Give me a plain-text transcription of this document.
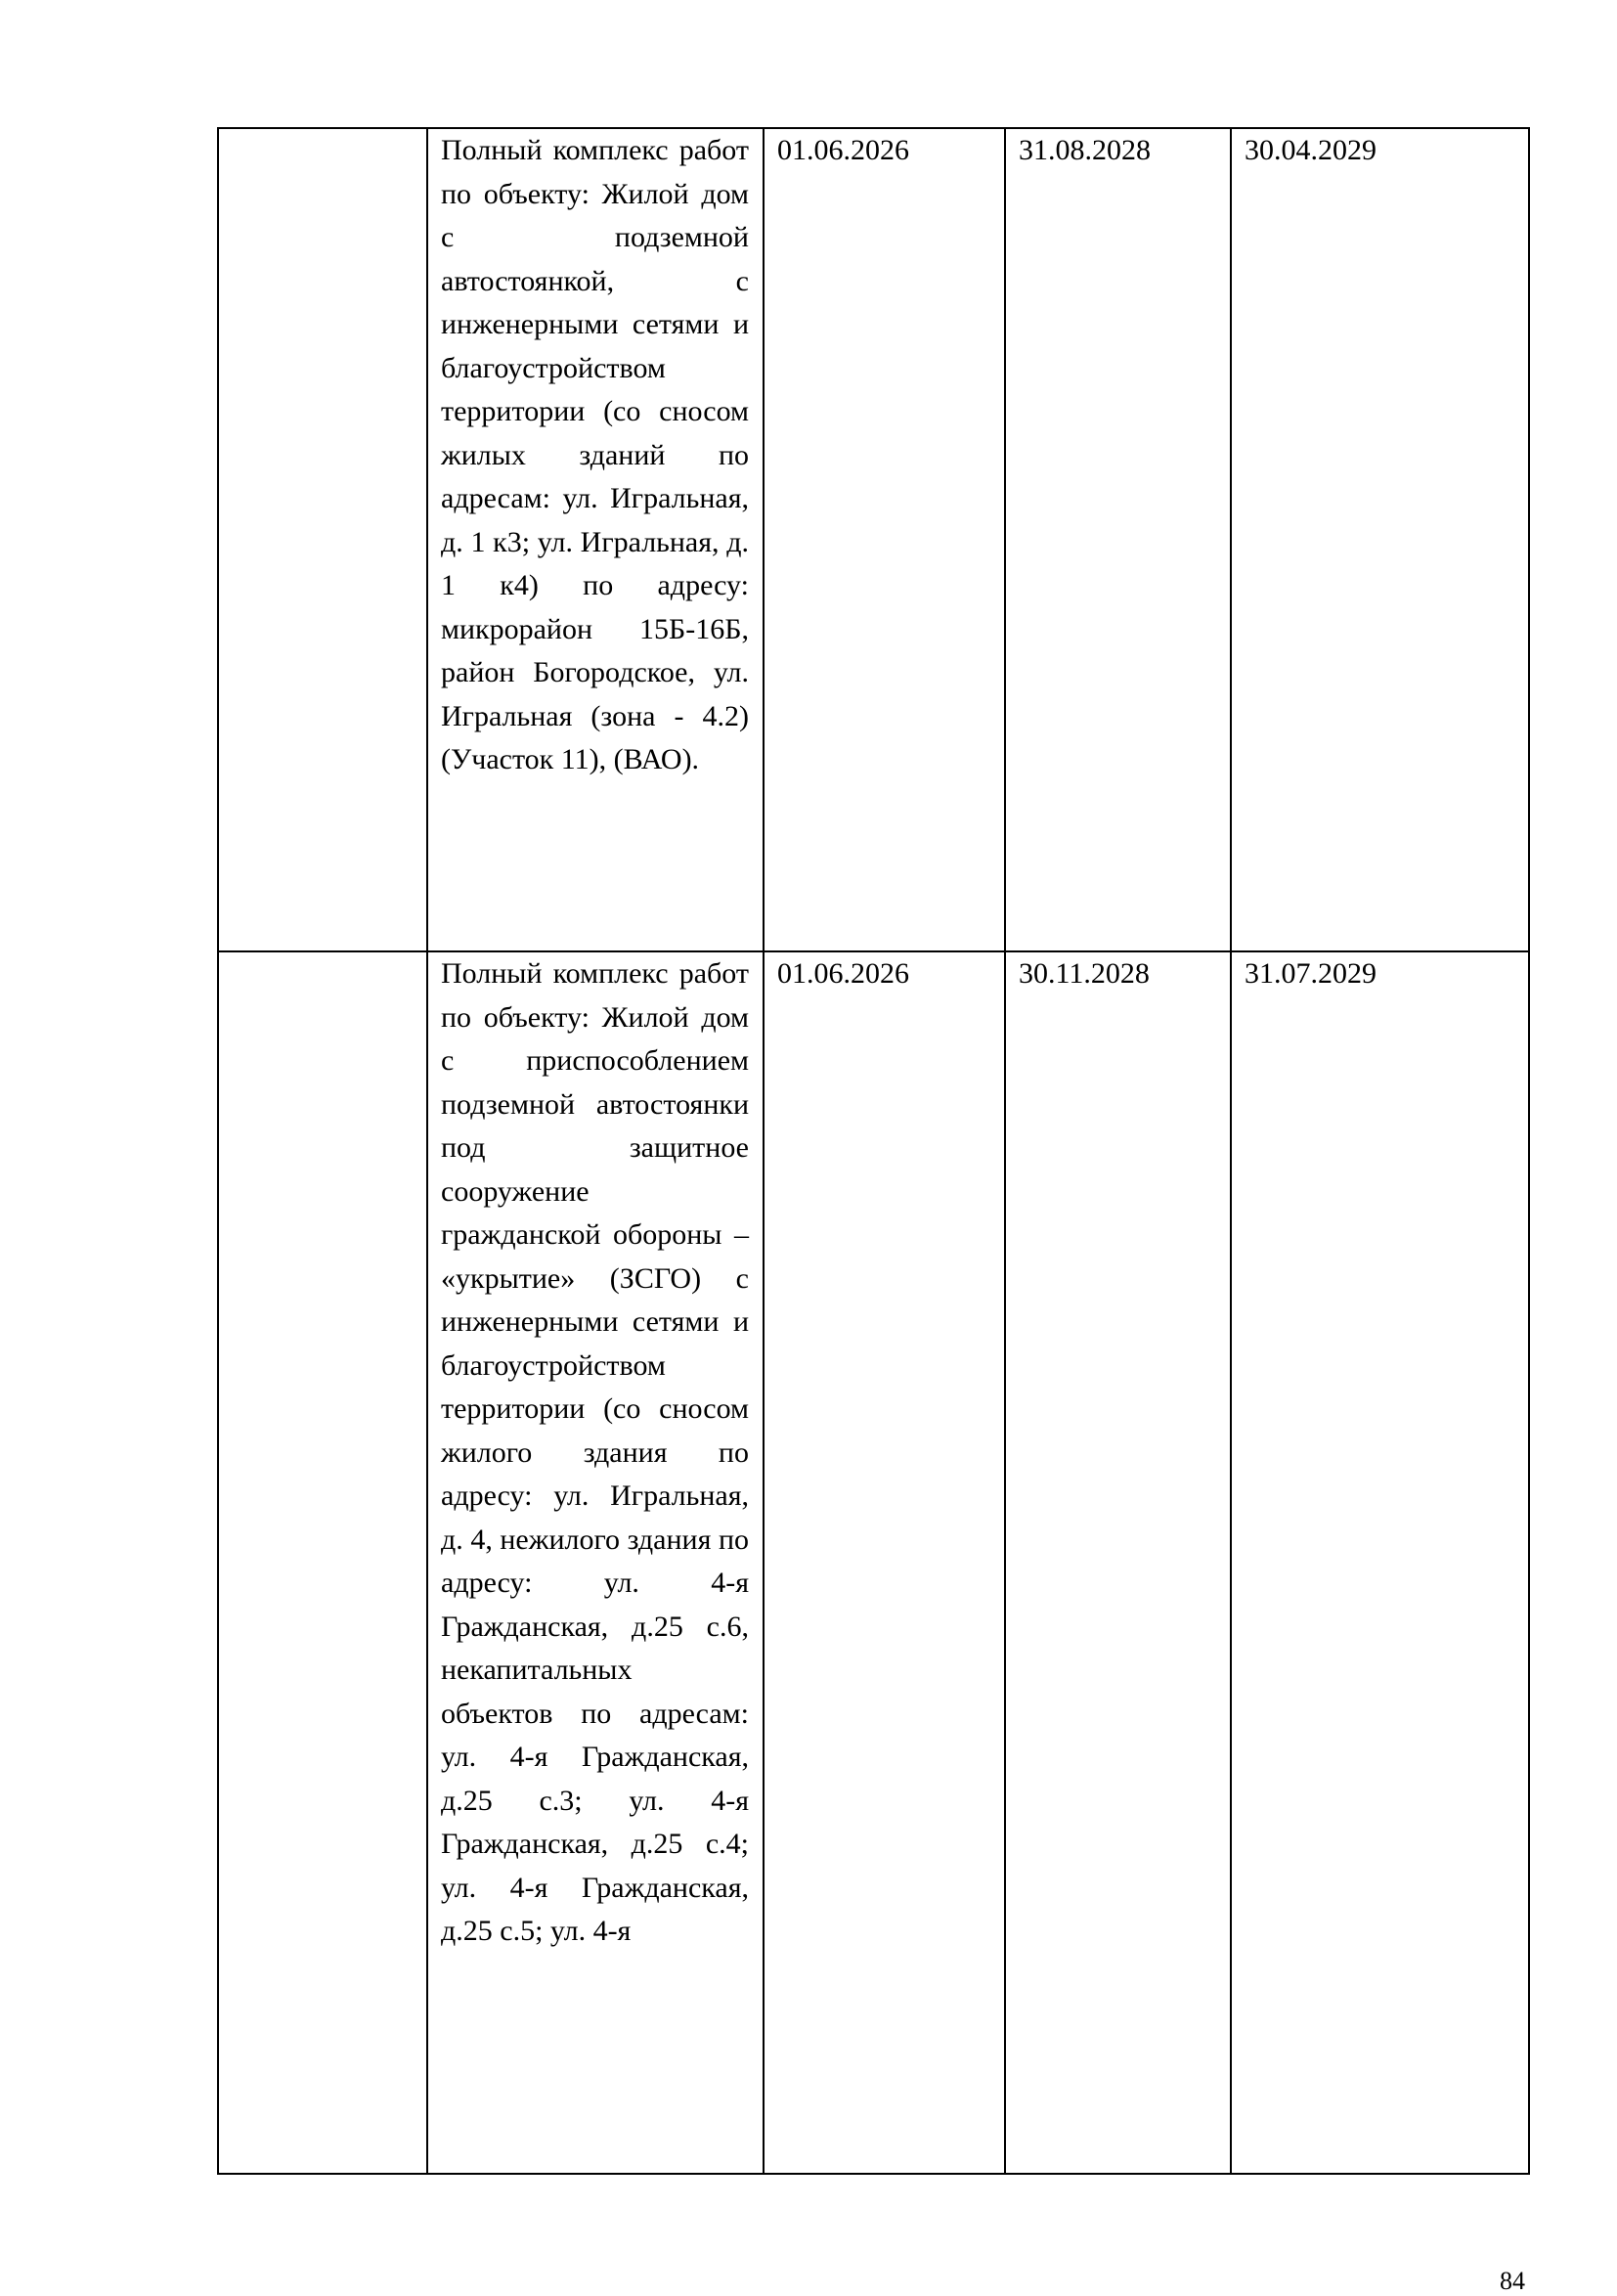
	Полный комплекс работ по объекту: Жилой дом с подземной автостоянкой, с инженерными сетями и благоустройством территории (со сносом жилых зданий по адресам: ул. Игральная, д. 1 к3; ул. Игральная, д. 1 к4) по адресу: микрорайон 15Б-16Б, район Богородское, ул. Игральная (зона - 4.2)(Участок 11), (ВАО).	01.06.2026	31.08.2028	30.04.2029

	Полный комплекс работ по объекту: Жилой дом с приспособлением подземной автостоянки под защитное сооружение гражданской обороны – «укрытие» (ЗСГО) с инженерными сетями и благоустройством территории (со сносом жилого здания по адресу: ул. Игральная, д. 4, нежилого здания по адресу: ул. 4-я Гражданская, д.25 с.6, некапитальных объектов по адресам: ул. 4-я Гражданская, д.25 с.3; ул. 4-я Гражданская, д.25 с.4; ул. 4-я Гражданская, д.25 с.5; ул. 4-я	01.06.2026	30.11.2028	31.07.2029
84
